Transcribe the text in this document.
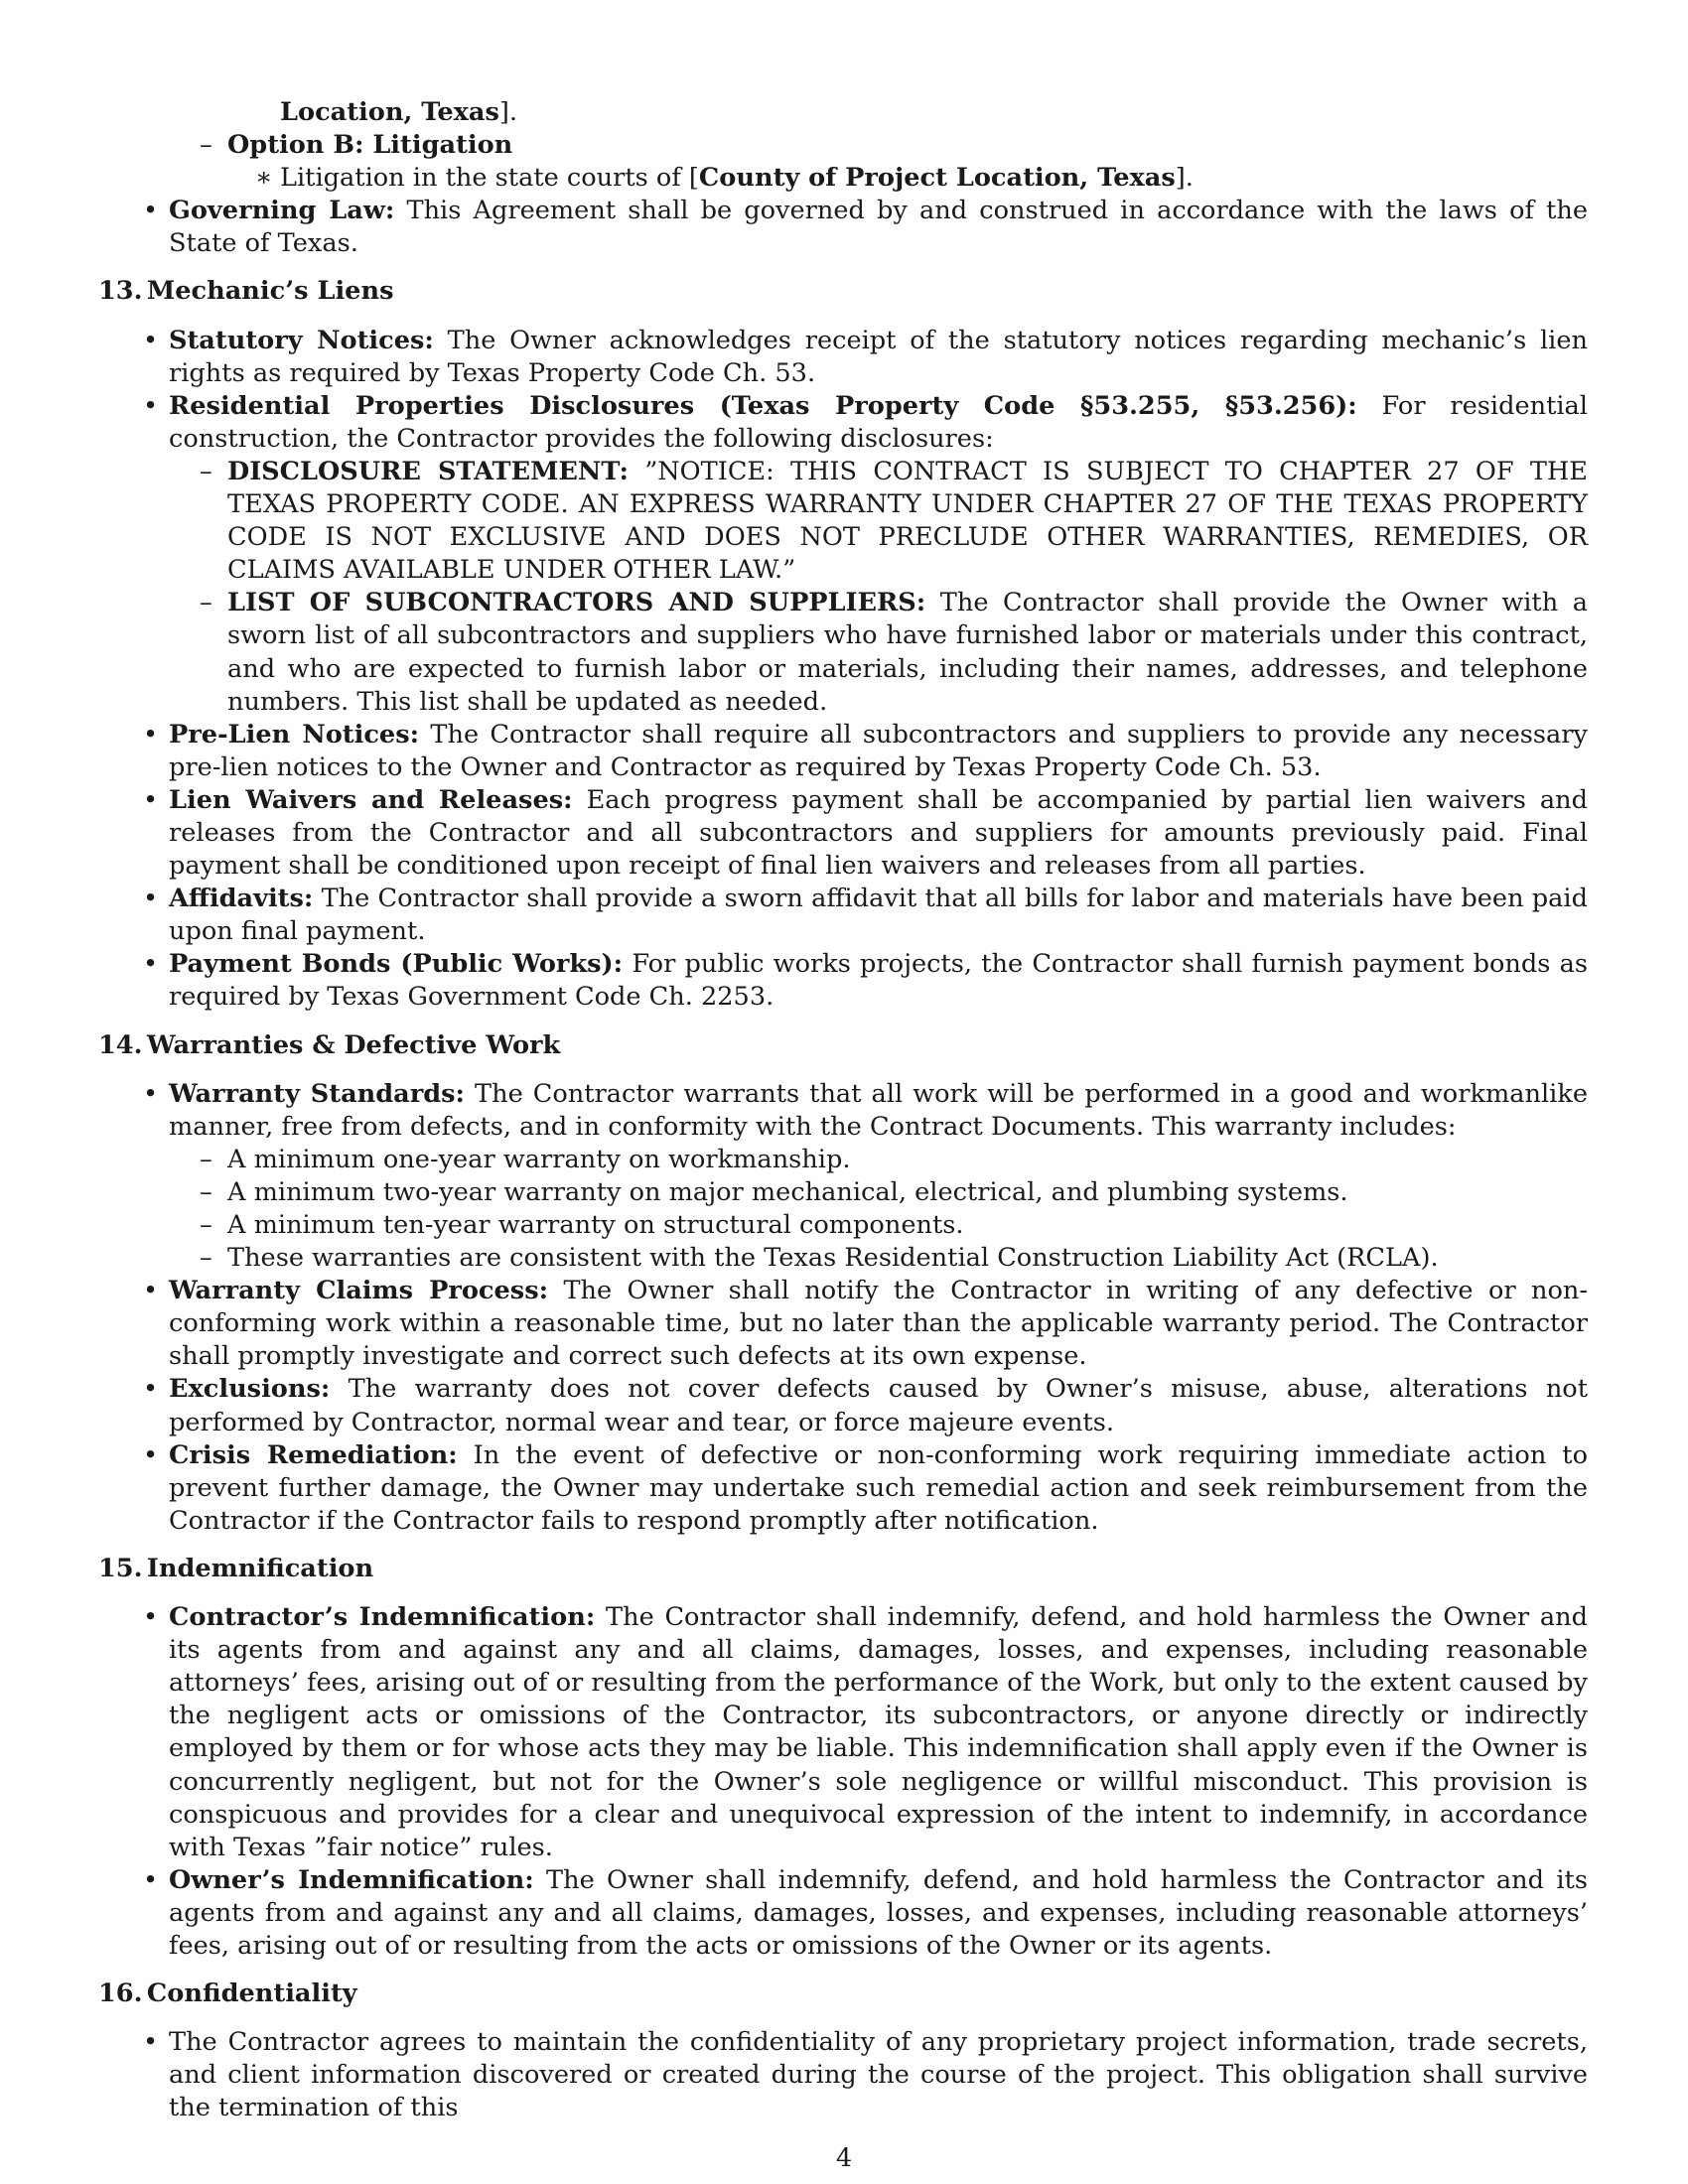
Location, Texas].
– Option B: Litigation
∗ Litigation in the state courts of [County of Project Location, Texas].
• Governing Law: This Agreement shall be governed by and construed in accordance with the laws of the State of Texas.
13. Mechanic’s Liens
• Statutory Notices: The Owner acknowledges receipt of the statutory notices regarding mechanic’s lien rights as required by Texas Property Code Ch. 53.
• Residential Properties Disclosures (Texas Property Code §53.255, §53.256): For residential construction, the Contractor provides the following disclosures:
– DISCLOSURE STATEMENT: ”NOTICE: THIS CONTRACT IS SUBJECT TO CHAPTER 27 OF THE TEXAS PROPERTY CODE. AN EXPRESS WARRANTY UNDER CHAPTER 27 OF THE TEXAS PROPERTY CODE IS NOT EXCLUSIVE AND DOES NOT PRECLUDE OTHER WARRANTIES, REMEDIES, OR CLAIMS AVAILABLE UNDER OTHER LAW.”
– LIST OF SUBCONTRACTORS AND SUPPLIERS: The Contractor shall provide the Owner with a sworn list of all subcontractors and suppliers who have furnished labor or materials under this contract, and who are expected to furnish labor or materials, including their names, addresses, and telephone numbers. This list shall be updated as needed.
• Pre-Lien Notices: The Contractor shall require all subcontractors and suppliers to provide any necessary pre-lien notices to the Owner and Contractor as required by Texas Property Code Ch. 53.
• Lien Waivers and Releases: Each progress payment shall be accompanied by partial lien waivers and releases from the Contractor and all subcontractors and suppliers for amounts previously paid. Final payment shall be conditioned upon receipt of final lien waivers and releases from all parties.
• Affidavits: The Contractor shall provide a sworn affidavit that all bills for labor and materials have been paid upon final payment.
• Payment Bonds (Public Works): For public works projects, the Contractor shall furnish payment bonds as required by Texas Government Code Ch. 2253.
14. Warranties & Defective Work
• Warranty Standards: The Contractor warrants that all work will be performed in a good and workmanlike manner, free from defects, and in conformity with the Contract Documents. This warranty includes:
– A minimum one-year warranty on workmanship.
– A minimum two-year warranty on major mechanical, electrical, and plumbing systems.
– A minimum ten-year warranty on structural components.
– These warranties are consistent with the Texas Residential Construction Liability Act (RCLA).
• Warranty Claims Process: The Owner shall notify the Contractor in writing of any defective or non-conforming work within a reasonable time, but no later than the applicable warranty period. The Contractor shall promptly investigate and correct such defects at its own expense.
• Exclusions: The warranty does not cover defects caused by Owner’s misuse, abuse, alterations not performed by Contractor, normal wear and tear, or force majeure events.
• Crisis Remediation: In the event of defective or non-conforming work requiring immediate action to prevent further damage, the Owner may undertake such remedial action and seek reimbursement from the Contractor if the Contractor fails to respond promptly after notification.
15. Indemnification
• Contractor’s Indemnification: The Contractor shall indemnify, defend, and hold harmless the Owner and its agents from and against any and all claims, damages, losses, and expenses, including reasonable attorneys’ fees, arising out of or resulting from the performance of the Work, but only to the extent caused by the negligent acts or omissions of the Contractor, its subcontractors, or anyone directly or indirectly employed by them or for whose acts they may be liable. This indemnification shall apply even if the Owner is concurrently negligent, but not for the Owner’s sole negligence or willful misconduct. This provision is conspicuous and provides for a clear and unequivocal expression of the intent to indemnify, in accordance with Texas ”fair notice” rules.
• Owner’s Indemnification: The Owner shall indemnify, defend, and hold harmless the Contractor and its agents from and against any and all claims, damages, losses, and expenses, including reasonable attorneys’ fees, arising out of or resulting from the acts or omissions of the Owner or its agents.
16. Confidentiality
• The Contractor agrees to maintain the confidentiality of any proprietary project information, trade secrets, and client information discovered or created during the course of the project. This obligation shall survive the termination of this
4
